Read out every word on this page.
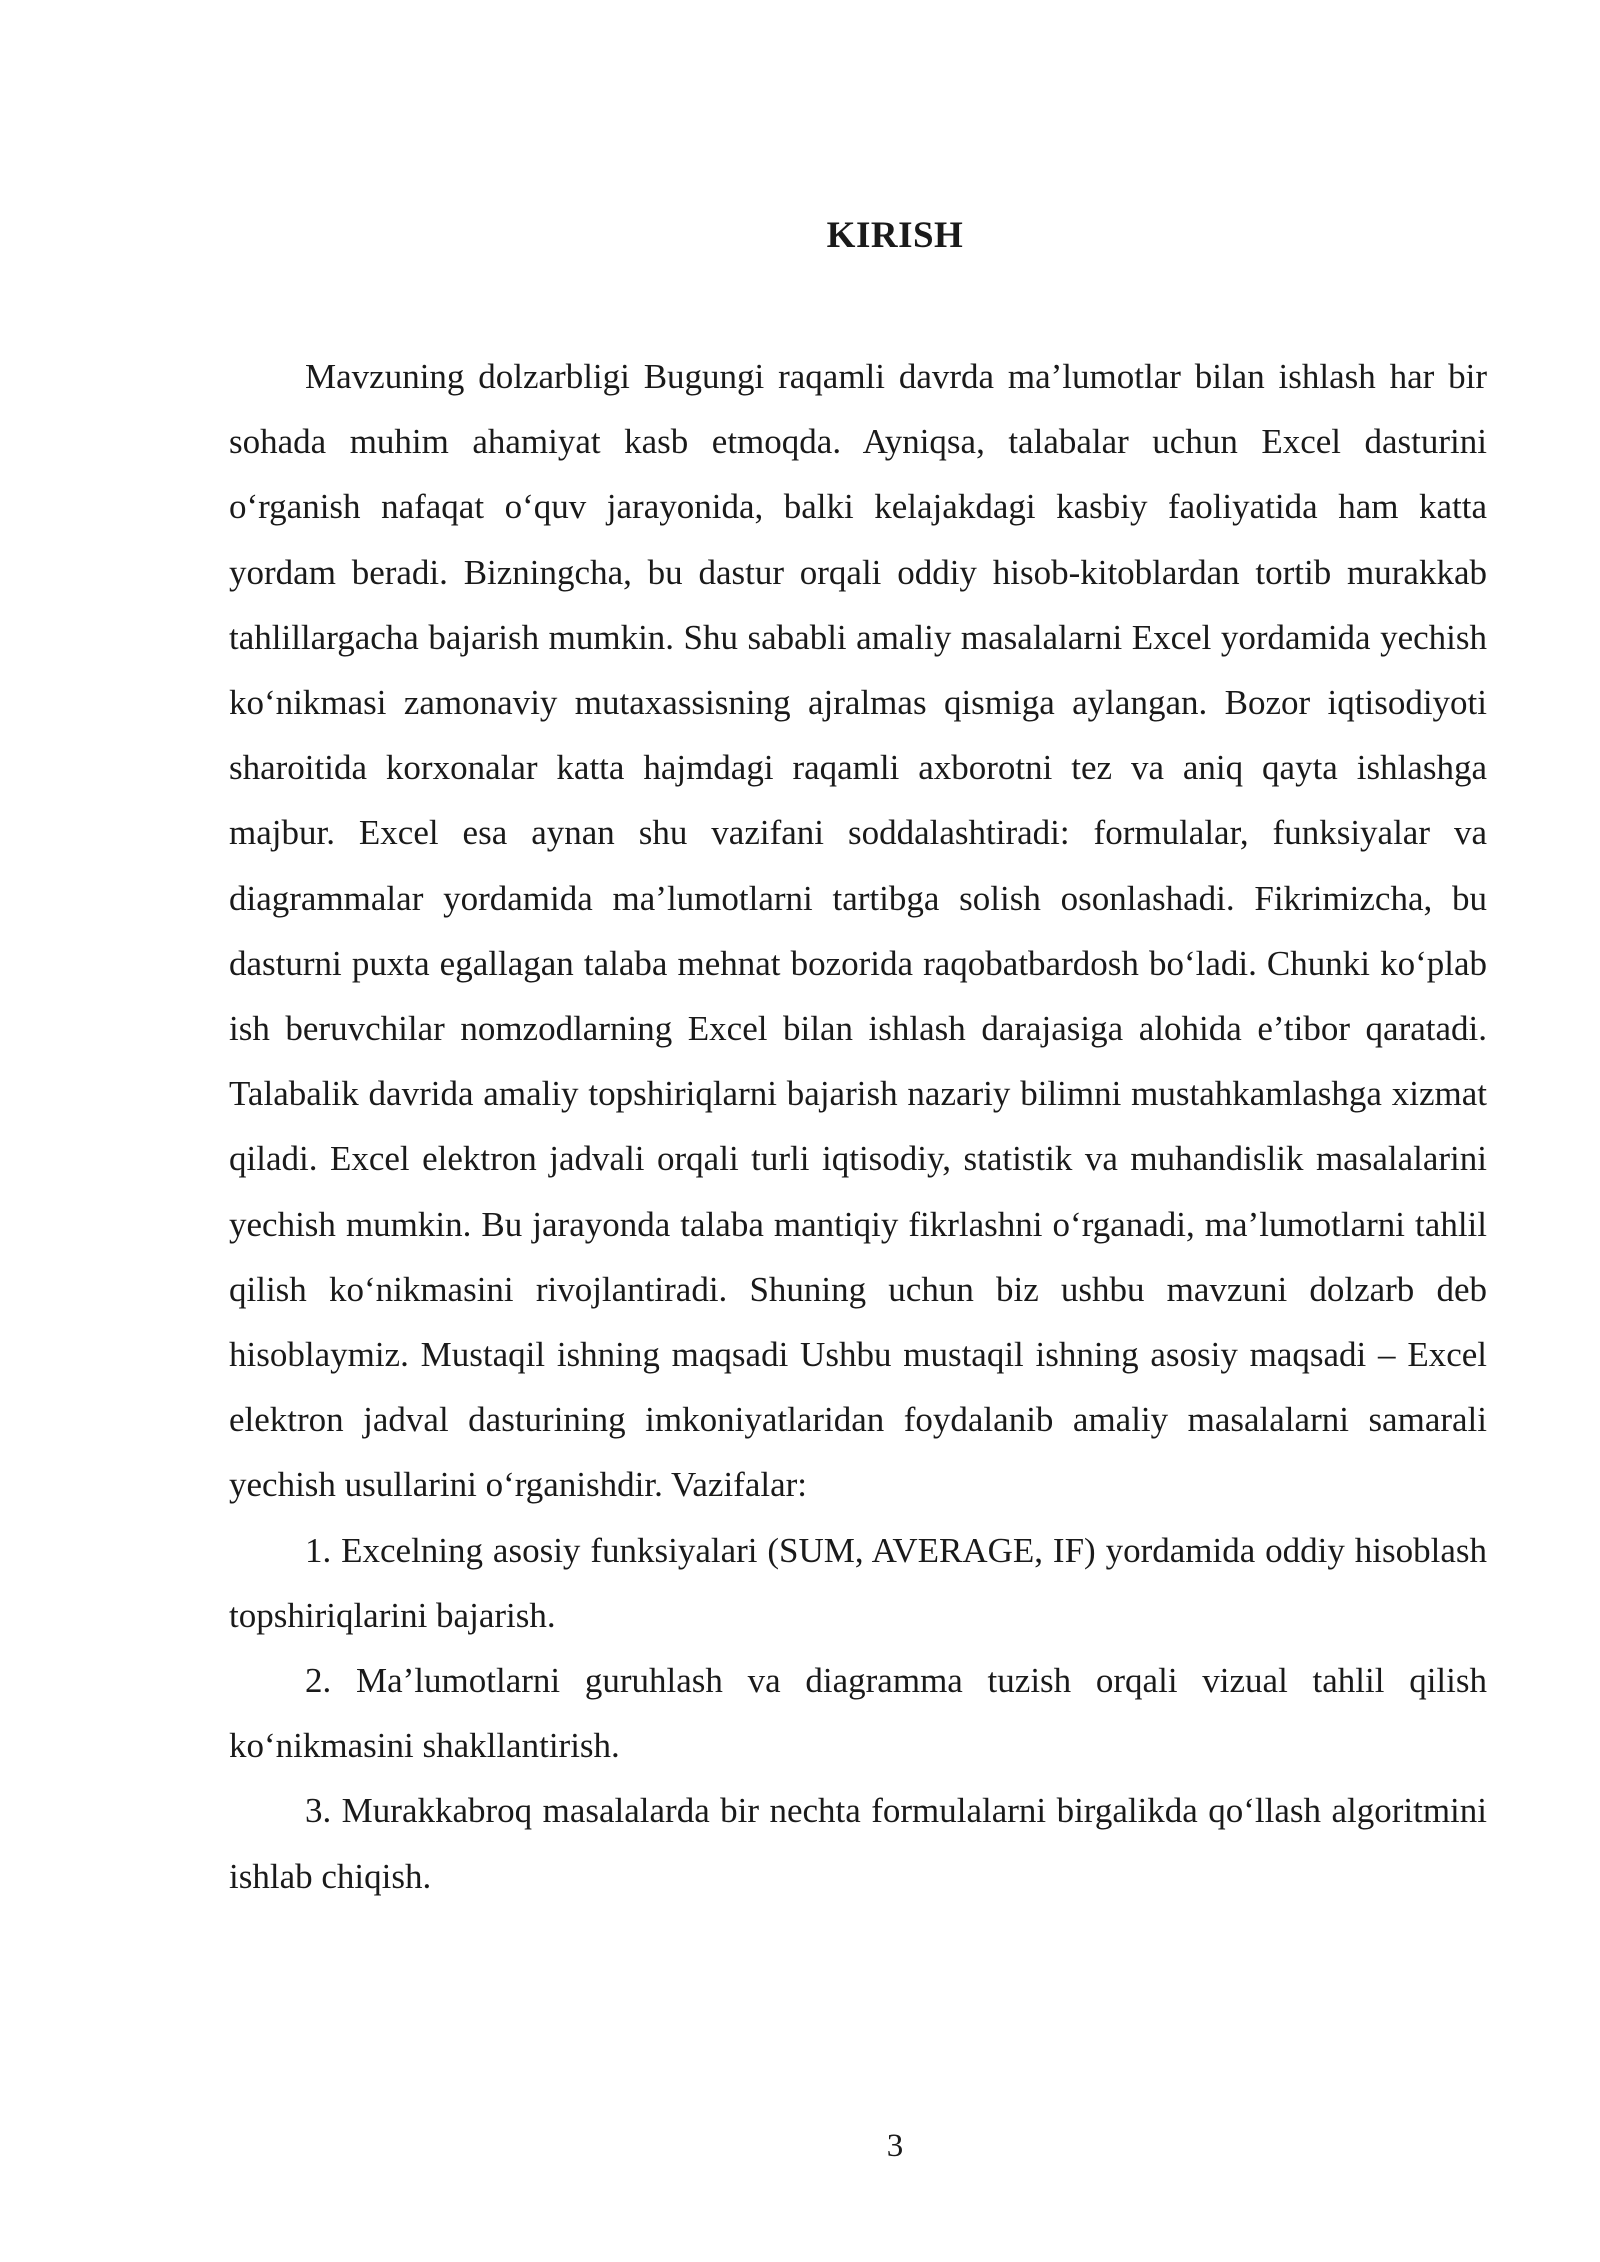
KIRISH

Mavzuning dolzarbligi Bugungi raqamli davrda ma’lumotlar bilan ishlash har bir sohada muhim ahamiyat kasb etmoqda. Ayniqsa, talabalar uchun Excel dasturini o‘rganish nafaqat o‘quv jarayonida, balki kelajakdagi kasbiy faoliyatida ham katta yordam beradi. Bizningcha, bu dastur orqali oddiy hisob-kitoblardan tortib murakkab tahlillargacha bajarish mumkin. Shu sababli amaliy masalalarni Excel yordamida yechish ko‘nikmasi zamonaviy mutaxassisning ajralmas qismiga aylangan. Bozor iqtisodiyoti sharoitida korxonalar katta hajmdagi raqamli axborotni tez va aniq qayta ishlashga majbur. Excel esa aynan shu vazifani soddalashtiradi: formulalar, funksiyalar va diagrammalar yordamida ma’lumotlarni tartibga solish osonlashadi. Fikrimizcha, bu dasturni puxta egallagan talaba mehnat bozorida raqobatbardosh bo‘ladi. Chunki ko‘plab ish beruvchilar nomzodlarning Excel bilan ishlash darajasiga alohida e’tibor qaratadi. Talabalik davrida amaliy topshiriqlarni bajarish nazariy bilimni mustahkamlashga xizmat qiladi. Excel elektron jadvali orqali turli iqtisodiy, statistik va muhandislik masalalarini yechish mumkin. Bu jarayonda talaba mantiqiy fikrlashni o‘rganadi, ma’lumotlarni tahlil qilish ko‘nikmasini rivojlantiradi. Shuning uchun biz ushbu mavzuni dolzarb deb hisoblaymiz. Mustaqil ishning maqsadi Ushbu mustaqil ishning asosiy maqsadi – Excel elektron jadval dasturining imkoniyatlaridan foydalanib amaliy masalalarni samarali yechish usullarini o‘rganishdir. Vazifalar:

1. Excelning asosiy funksiyalari (SUM, AVERAGE, IF) yordamida oddiy hisoblash topshiriqlarini bajarish.

2. Ma’lumotlarni guruhlash va diagramma tuzish orqali vizual tahlil qilish ko‘nikmasini shakllantirish.

3. Murakkabroq masalalarda bir nechta formulalarni birgalikda qo‘llash algoritmini ishlab chiqish.

3
